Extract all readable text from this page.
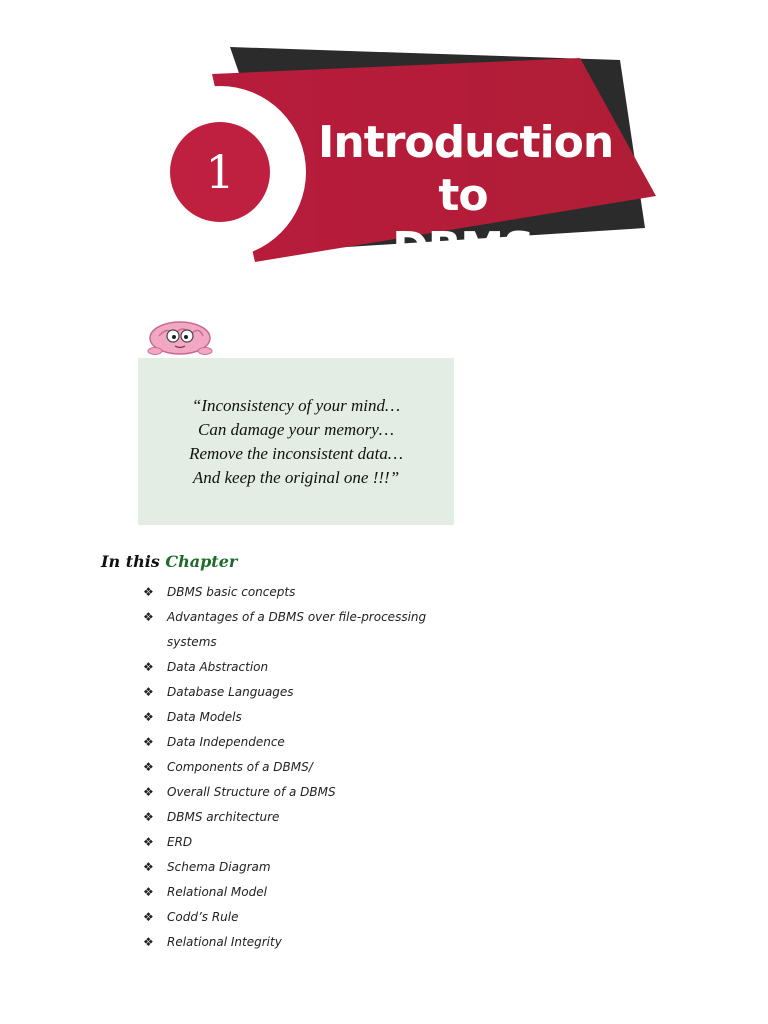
1
Introduction to
DBMS
“Inconsistency of your mind… Can damage your memory… Remove the inconsistent data… And keep the original one !!!”
In this Chapter
❖	DBMS basic concepts
❖	Advantages of a DBMS over file-processing systems
❖	Data Abstraction
❖	Database Languages
❖	Data Models
❖	Data Independence
❖	Components of a DBMS/
❖	Overall Structure of a DBMS
❖	DBMS architecture
❖	ERD
❖	Schema Diagram
❖	Relational Model
❖	Codd’s Rule
❖	Relational Integrity
